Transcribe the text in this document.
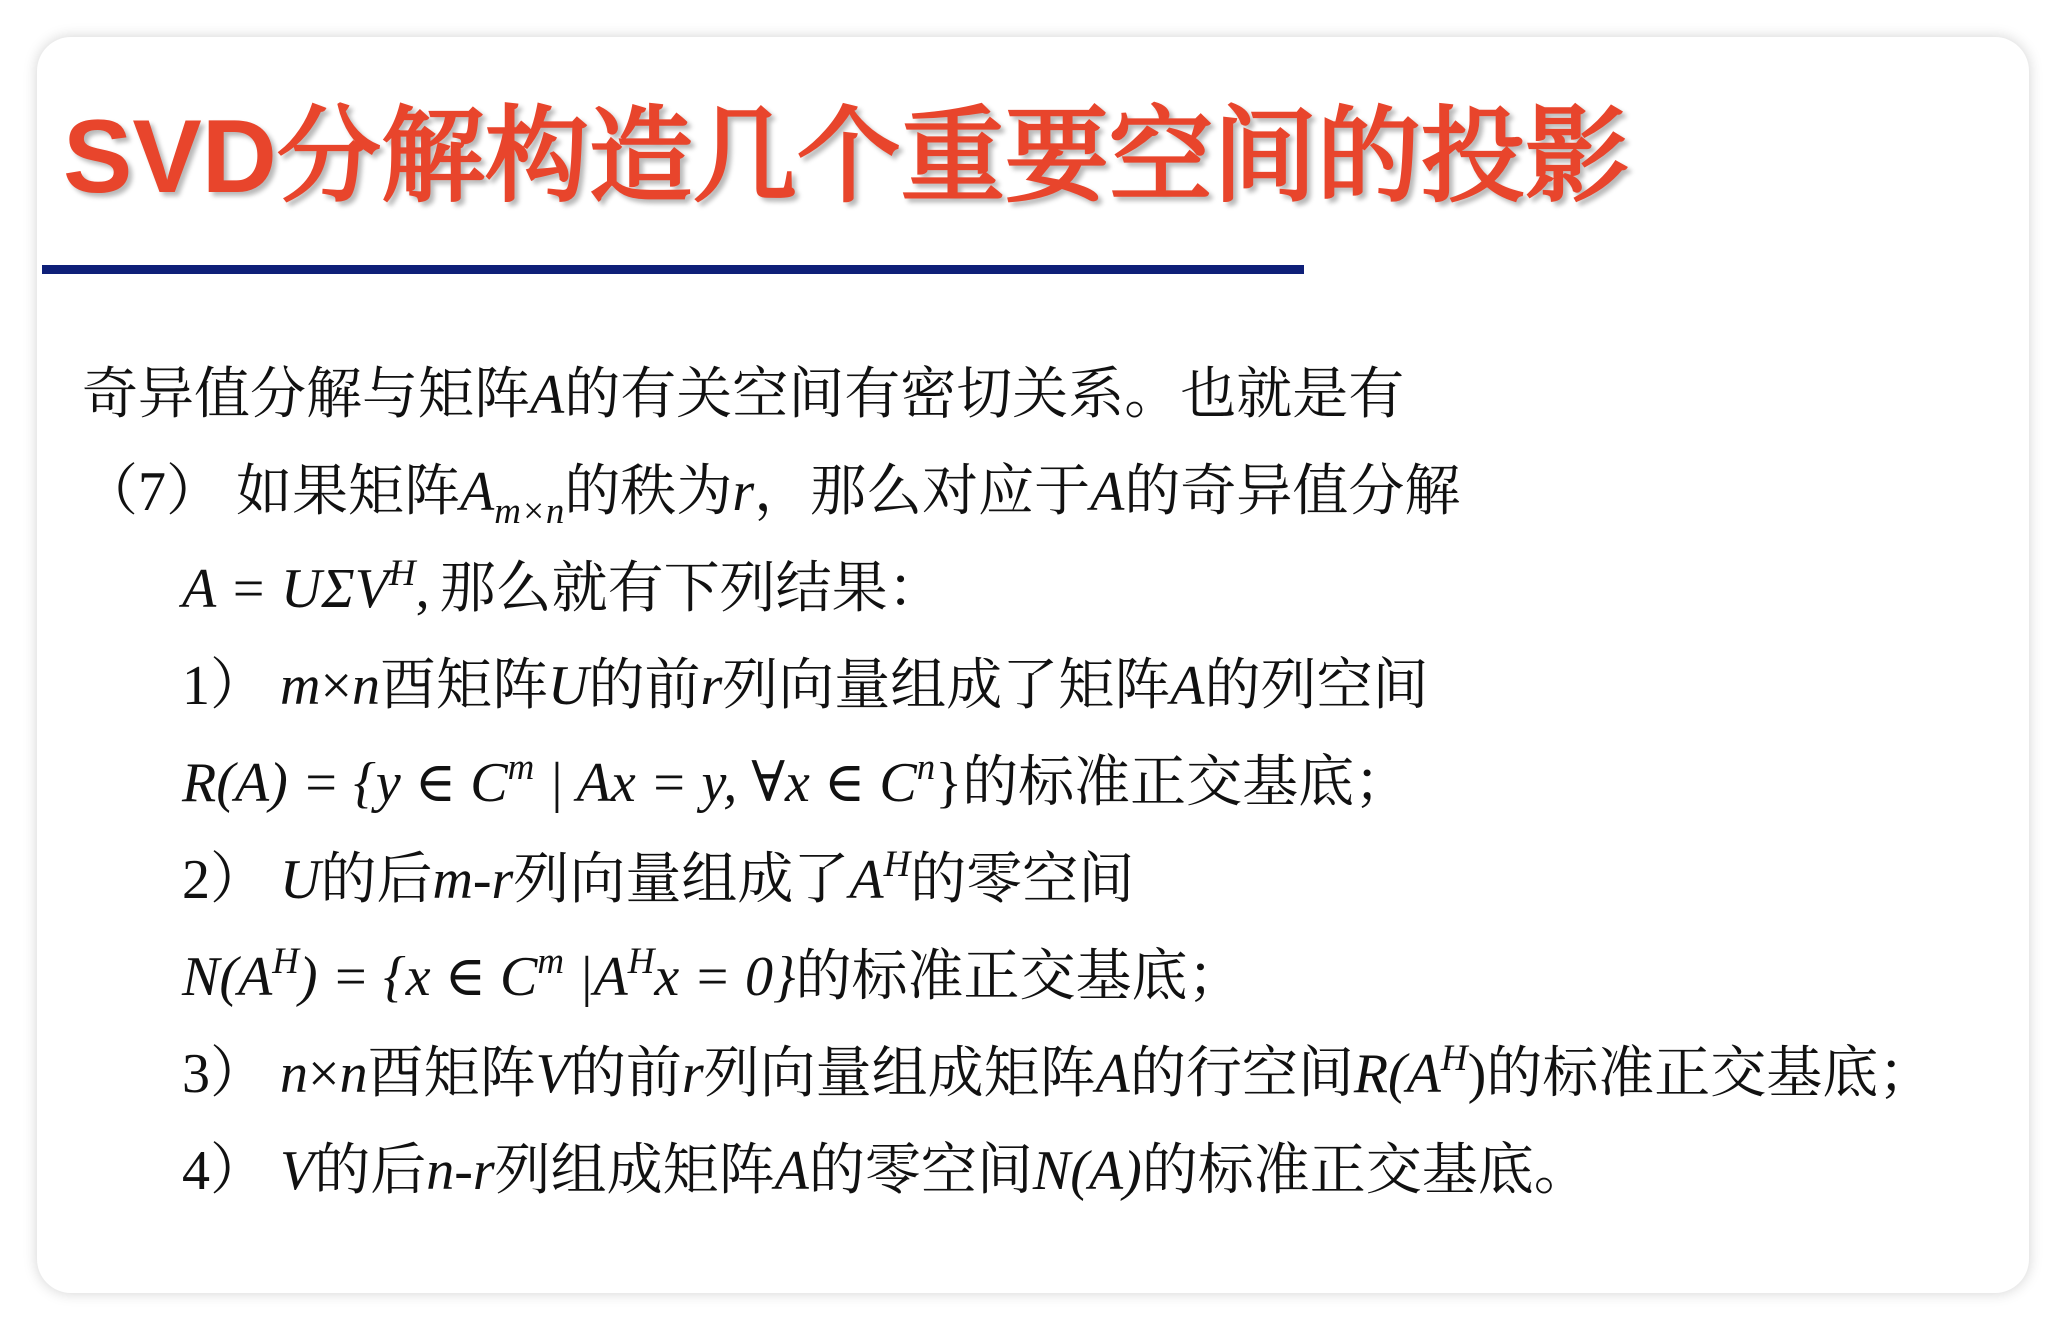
SVD分解构造几个重要空间的投影
奇异值分解与矩阵A的有关空间有密切关系。也就是有
（7） 如果矩阵$A_{m\times n}$的秩为r，那么对应于A的奇异值分解
$A = U\Sigma V^H$, 那么就有下列结果：
1） m×n酉矩阵U的前r列向量组成了矩阵A的列空间
R(A) = {y ∈ $C^m$ | Ax = y, ∀x ∈ $C^n$}的标准正交基底；
2） U的后m-r列向量组成了$A^H$的零空间
$N(A^H) = \{x$ ∈ $C^m$ $|A^Hx = 0$}的标准正交基底；
3） n×n酉矩阵V的前r列向量组成矩阵A的行空间$R(A^H)$的标准正交基底；
4） V的后n-r列组成矩阵A的零空间N(A)的标准正交基底。
